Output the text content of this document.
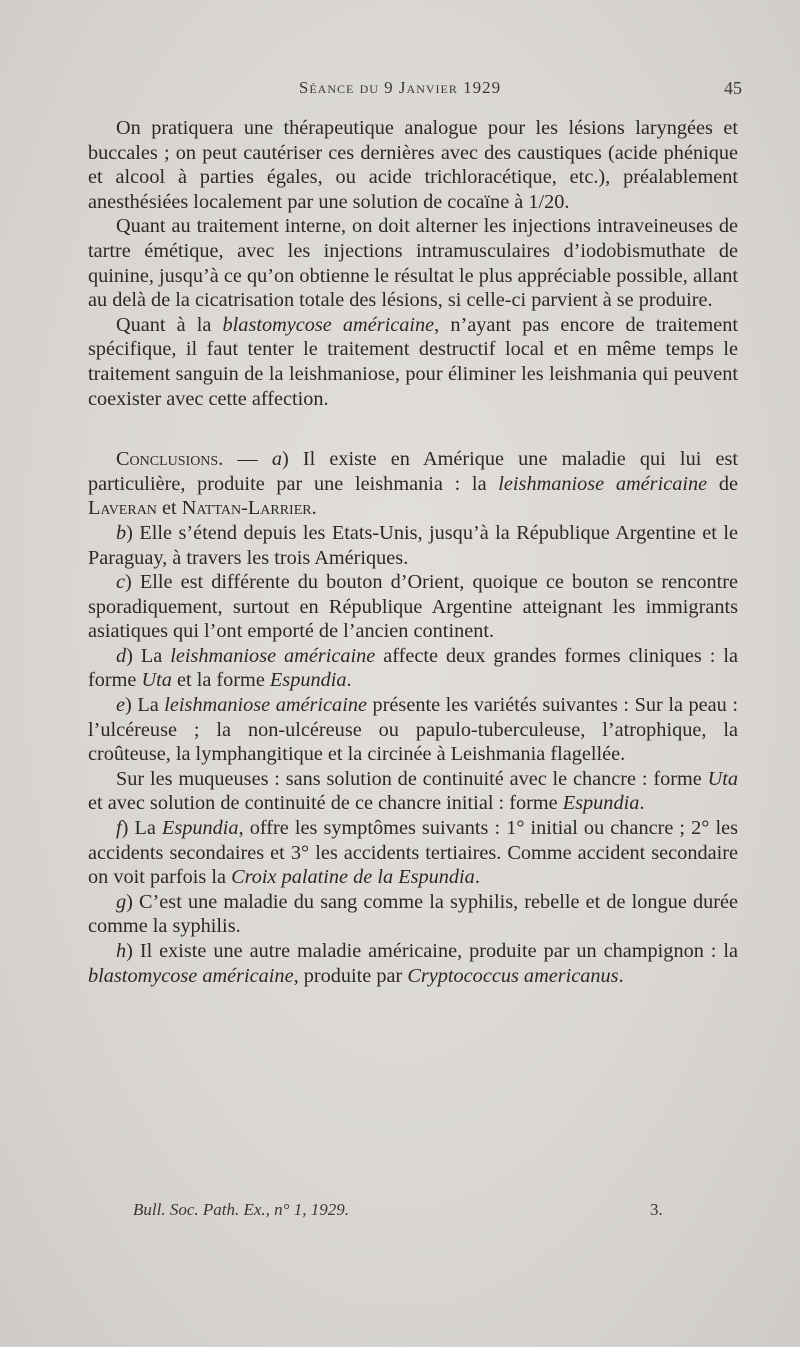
Séance du 9 Janvier 1929	45

On pratiquera une thérapeutique analogue pour les lésions laryngées et buccales ; on peut cautériser ces dernières avec des caustiques (acide phénique et alcool à parties égales, ou acide trichloracétique, etc.), préalablement anesthésiées localement par une solution de cocaïne à 1/20.

Quant au traitement interne, on doit alterner les injections intraveineuses de tartre émétique, avec les injections intramusculaires d’iodobismuthate de quinine, jusqu’à ce qu’on obtienne le résultat le plus appréciable possible, allant au delà de la cicatrisation totale des lésions, si celle-ci parvient à se produire.

Quant à la blastomycose américaine, n’ayant pas encore de traitement spécifique, il faut tenter le traitement destructif local et en même temps le traitement sanguin de la leishmaniose, pour éliminer les leishmania qui peuvent coexister avec cette affection.

Conclusions. — a) Il existe en Amérique une maladie qui lui est particulière, produite par une leishmania : la leishmaniose américaine de Laveran et Nattan-Larrier.

b) Elle s’étend depuis les Etats-Unis, jusqu’à la République Argentine et le Paraguay, à travers les trois Amériques.

c) Elle est différente du bouton d’Orient, quoique ce bouton se rencontre sporadiquement, surtout en République Argentine atteignant les immigrants asiatiques qui l’ont emporté de l’ancien continent.

d) La leishmaniose américaine affecte deux grandes formes cliniques : la forme Uta et la forme Espundia.

e) La leishmaniose américaine présente les variétés suivantes : Sur la peau : l’ulcéreuse ; la non-ulcéreuse ou papulo-tuberculeuse, l’atrophique, la croûteuse, la lymphangitique et la circinée à Leishmania flagellée.

Sur les muqueuses : sans solution de continuité avec le chancre : forme Uta et avec solution de continuité de ce chancre initial : forme Espundia.

f) La Espundia, offre les symptômes suivants : 1° initial ou chancre ; 2° les accidents secondaires et 3° les accidents tertiaires. Comme accident secondaire on voit parfois la Croix palatine de la Espundia.

g) C’est une maladie du sang comme la syphilis, rebelle et de longue durée comme la syphilis.

h) Il existe une autre maladie américaine, produite par un champignon : la blastomycose américaine, produite par Cryptococcus americanus.

Bull. Soc. Path. Ex., n° 1, 1929.	3.
